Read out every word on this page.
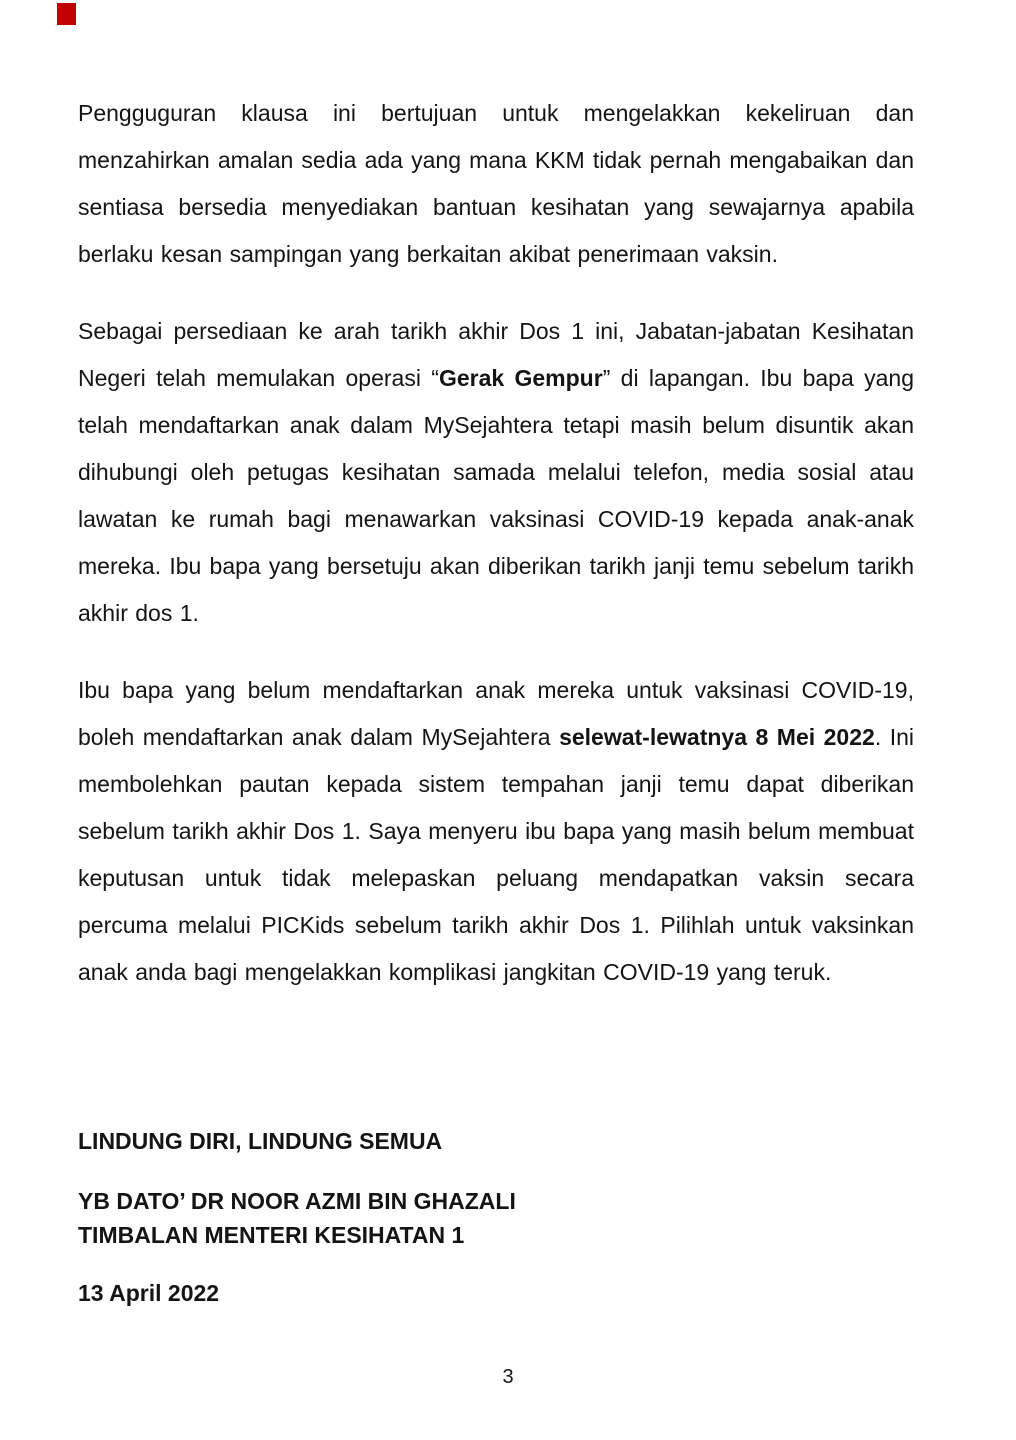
Pengguguran klausa ini bertujuan untuk mengelakkan kekeliruan dan menzahirkan amalan sedia ada yang mana KKM tidak pernah mengabaikan dan sentiasa bersedia menyediakan bantuan kesihatan yang sewajarnya apabila berlaku kesan sampingan yang berkaitan akibat penerimaan vaksin.

Sebagai persediaan ke arah tarikh akhir Dos 1 ini, Jabatan-jabatan Kesihatan Negeri telah memulakan operasi “Gerak Gempur” di lapangan. Ibu bapa yang telah mendaftarkan anak dalam MySejahtera tetapi masih belum disuntik akan dihubungi oleh petugas kesihatan samada melalui telefon, media sosial atau lawatan ke rumah bagi menawarkan vaksinasi COVID-19 kepada anak-anak mereka. Ibu bapa yang bersetuju akan diberikan tarikh janji temu sebelum tarikh akhir dos 1.

Ibu bapa yang belum mendaftarkan anak mereka untuk vaksinasi COVID-19, boleh mendaftarkan anak dalam MySejahtera selewat-lewatnya 8 Mei 2022. Ini membolehkan pautan kepada sistem tempahan janji temu dapat diberikan sebelum tarikh akhir Dos 1. Saya menyeru ibu bapa yang masih belum membuat keputusan untuk tidak melepaskan peluang mendapatkan vaksin secara percuma melalui PICKids sebelum tarikh akhir Dos 1. Pilihlah untuk vaksinkan anak anda bagi mengelakkan komplikasi jangkitan COVID-19 yang teruk.

LINDUNG DIRI, LINDUNG SEMUA
YB DATO’ DR NOOR AZMI BIN GHAZALI
TIMBALAN MENTERI KESIHATAN 1
13 April 2022
3
